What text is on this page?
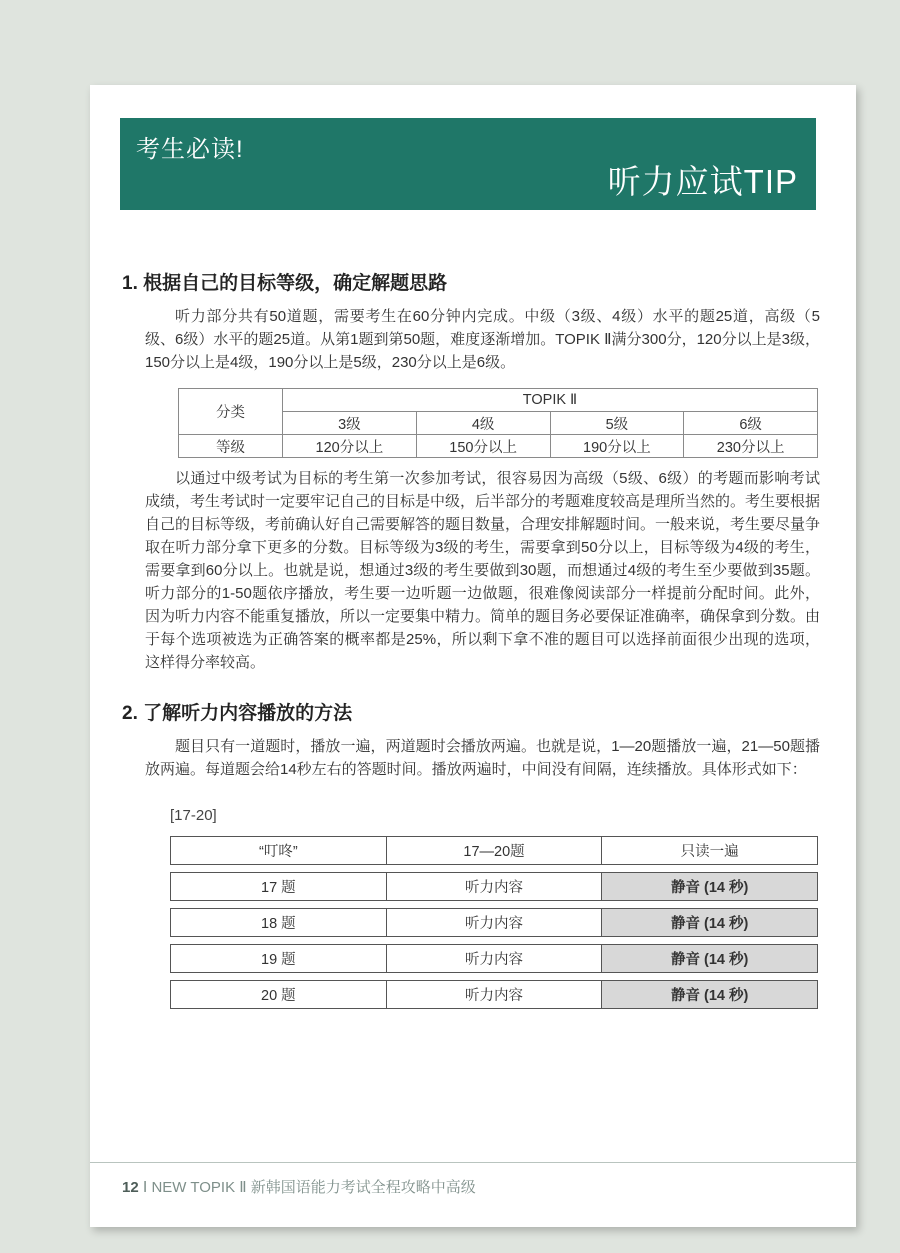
考生必读!
听力应试TIP
1. 根据自己的目标等级，确定解题思路

听力部分共有50道题，需要考生在60分钟内完成。中级（3级、4级）水平的题25道，高级（5级、6级）水平的题25道。从第1题到第50题，难度逐渐增加。TOPIK Ⅱ满分300分，120分以上是3级，150分以上是4级，190分以上是5级，230分以上是6级。

分类	TOPIK Ⅱ			
	3级	4级	5级	6级
等级	120分以上	150分以上	190分以上	230分以上

以通过中级考试为目标的考生第一次参加考试，很容易因为高级（5级、6级）的考题而影响考试成绩，考生考试时一定要牢记自己的目标是中级，后半部分的考题难度较高是理所当然的。考生要根据自己的目标等级，考前确认好自己需要解答的题目数量，合理安排解题时间。一般来说，考生要尽量争取在听力部分拿下更多的分数。目标等级为3级的考生，需要拿到50分以上，目标等级为4级的考生，需要拿到60分以上。也就是说，想通过3级的考生要做到30题，而想通过4级的考生至少要做到35题。听力部分的1-50题依序播放，考生要一边听题一边做题，很难像阅读部分一样提前分配时间。此外，因为听力内容不能重复播放，所以一定要集中精力。简单的题目务必要保证准确率，确保拿到分数。由于每个选项被选为正确答案的概率都是25%，所以剩下拿不准的题目可以选择前面很少出现的选项，这样得分率较高。

2. 了解听力内容播放的方法

题目只有一道题时，播放一遍，两道题时会播放两遍。也就是说，1—20题播放一遍，21—50题播放两遍。每道题会给14秒左右的答题时间。播放两遍时，中间没有间隔，连续播放。具体形式如下：

[17-20]
“叮咚”	17—20题	只读一遍
17 题	听力内容	静音 (14 秒)
18 题	听力内容	静音 (14 秒)
19 题	听力内容	静音 (14 秒)
20 题	听力内容	静音 (14 秒)
12 Ⅰ NEW TOPIK Ⅱ 新韩国语能力考试全程攻略中高级
